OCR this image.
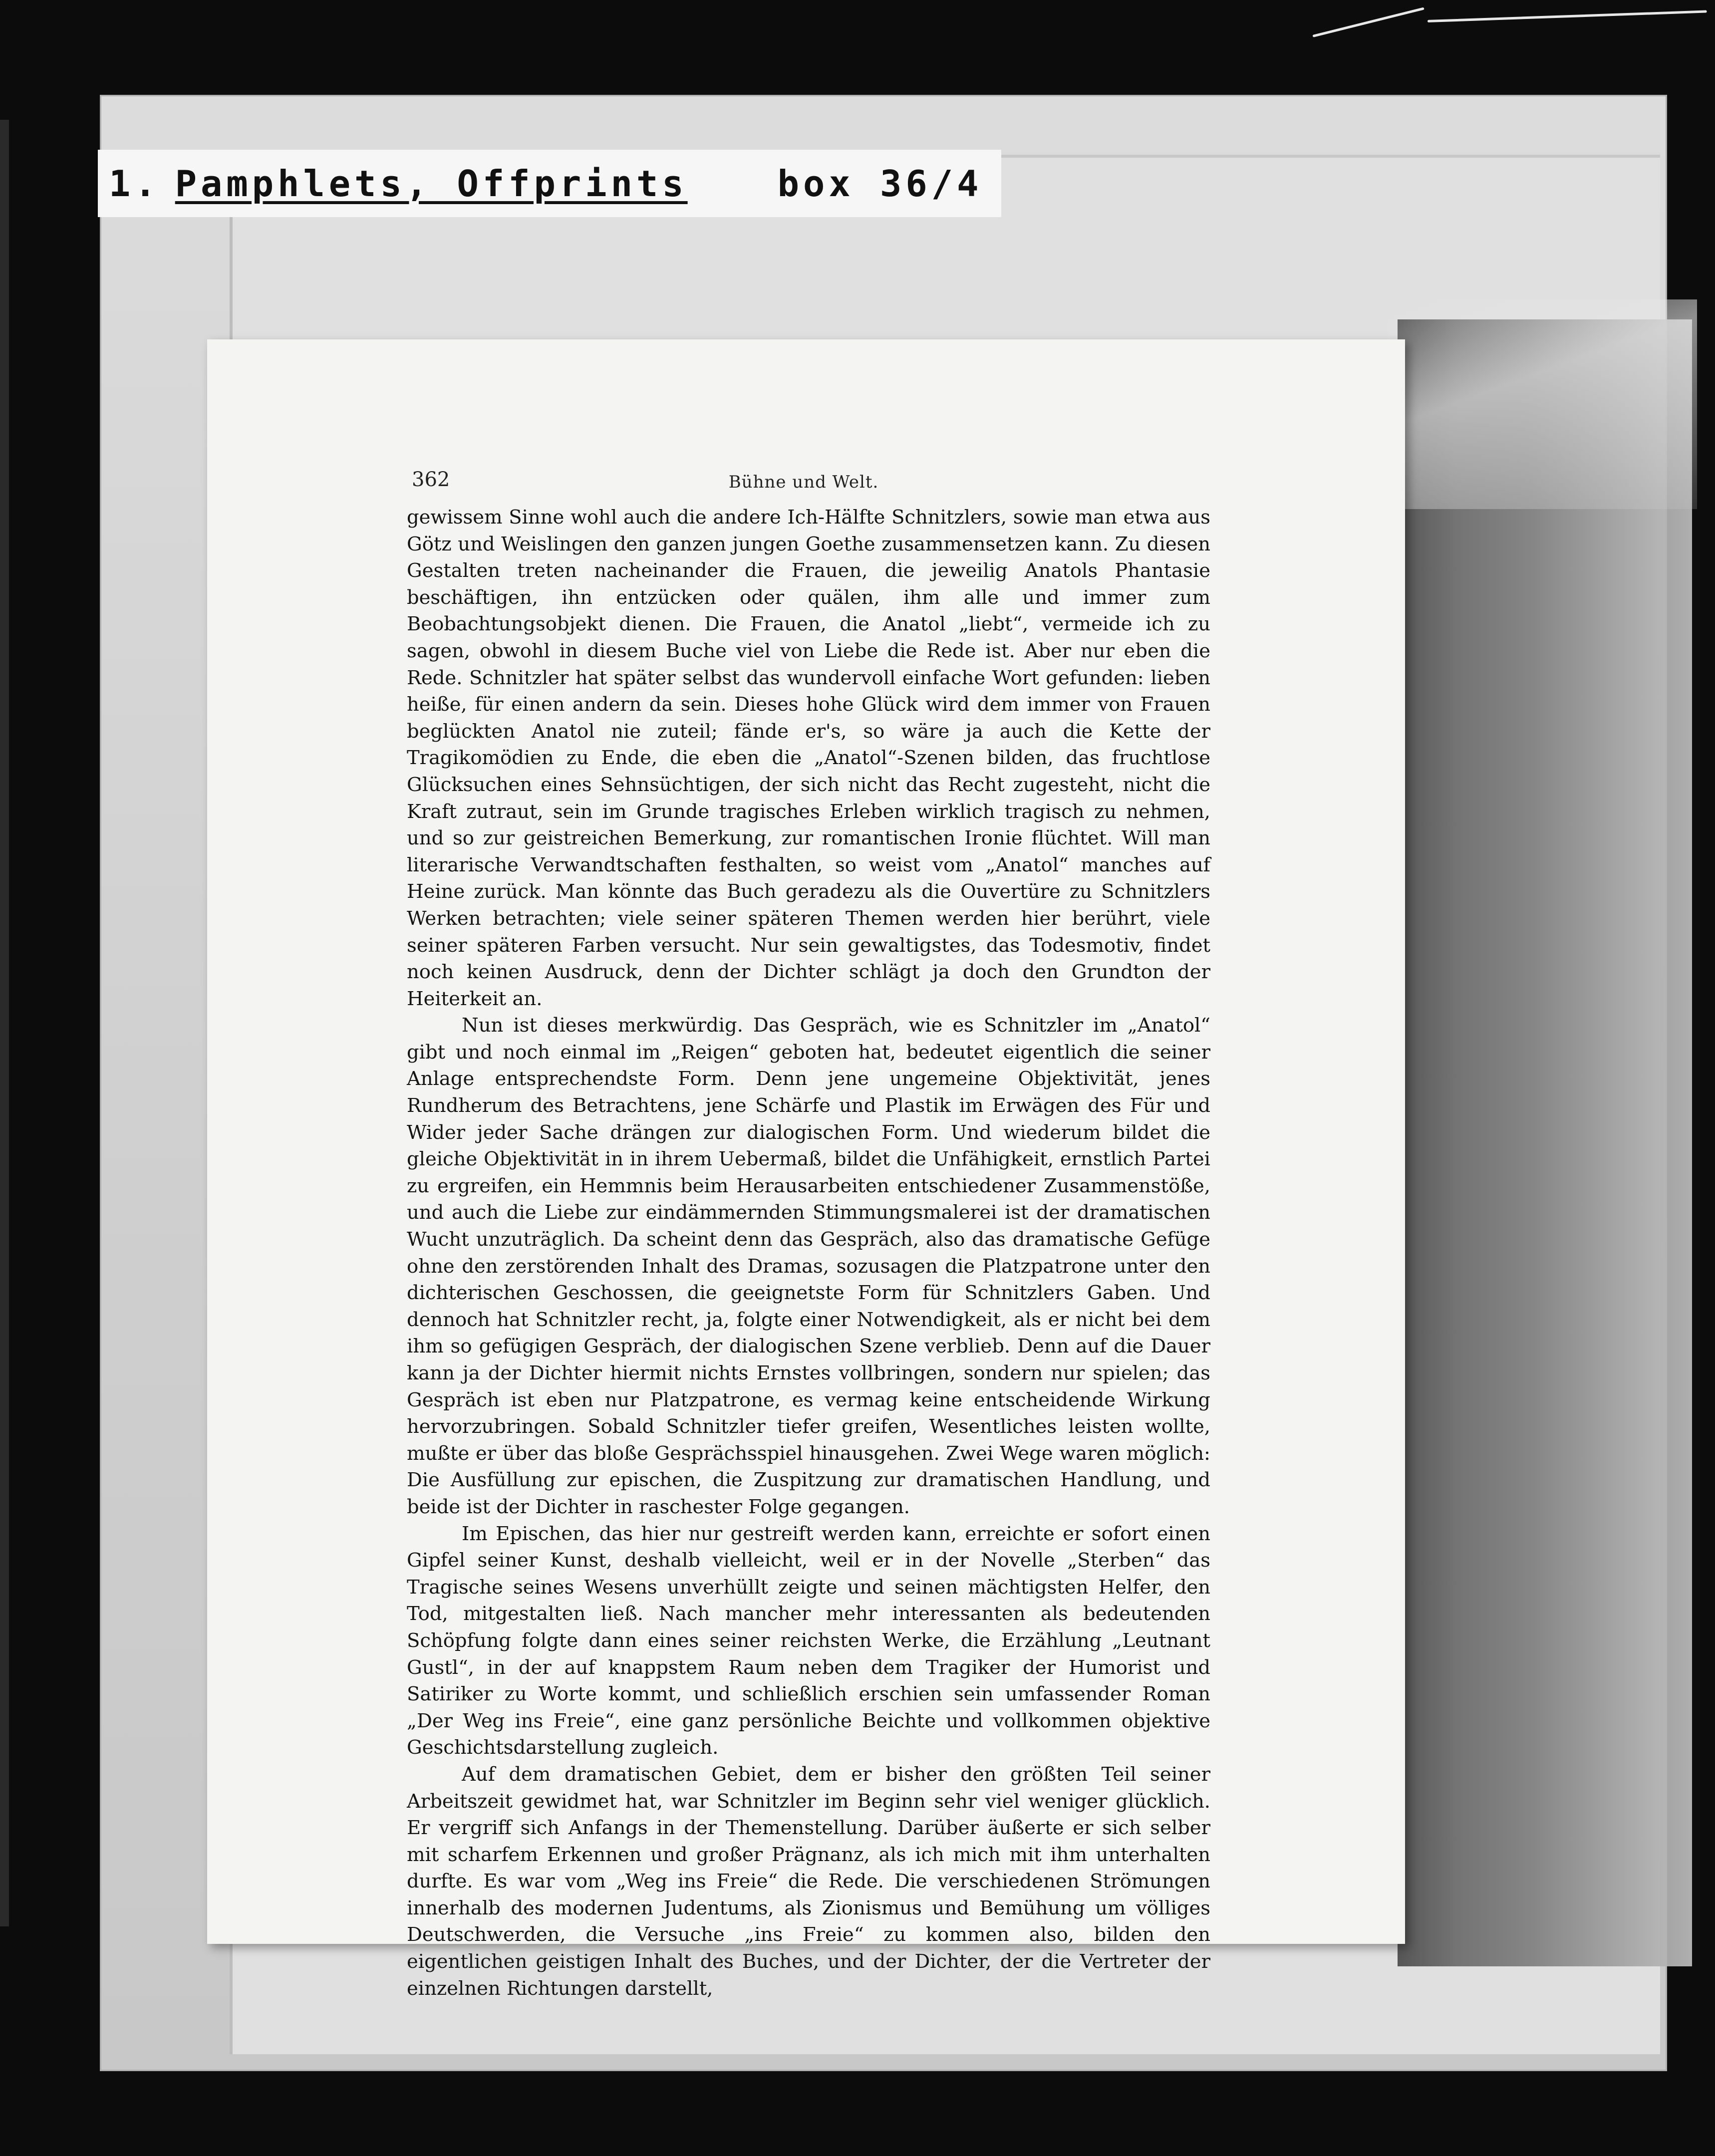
1. Pamphlets, Offprints	box 36/4
362	Bühne und Welt.

gewissem Sinne wohl auch die andere Ich-Hälfte Schnitzlers, sowie man etwa aus Götz und Weislingen den ganzen jungen Goethe zusammensetzen kann. Zu diesen Gestalten treten nacheinander die Frauen, die jeweilig Anatols Phantasie beschäftigen, ihn entzücken oder quälen, ihm alle und immer zum Beobachtungsobjekt dienen. Die Frauen, die Anatol „liebt“, vermeide ich zu sagen, obwohl in diesem Buche viel von Liebe die Rede ist. Aber nur eben die Rede. Schnitzler hat später selbst das wundervoll einfache Wort gefunden: lieben heiße, für einen andern da sein. Dieses hohe Glück wird dem immer von Frauen beglückten Anatol nie zuteil; fände er's, so wäre ja auch die Kette der Tragikomödien zu Ende, die eben die „Anatol“-Szenen bilden, das fruchtlose Glücksuchen eines Sehnsüchtigen, der sich nicht das Recht zugesteht, nicht die Kraft zutraut, sein im Grunde tragisches Erleben wirklich tragisch zu nehmen, und so zur geistreichen Bemerkung, zur romantischen Ironie flüchtet. Will man literarische Verwandtschaften festhalten, so weist vom „Anatol“ manches auf Heine zurück. Man könnte das Buch geradezu als die Ouvertüre zu Schnitzlers Werken betrachten; viele seiner späteren Themen werden hier berührt, viele seiner späteren Farben versucht. Nur sein gewaltigstes, das Todesmotiv, findet noch keinen Ausdruck, denn der Dichter schlägt ja doch den Grundton der Heiterkeit an.

Nun ist dieses merkwürdig. Das Gespräch, wie es Schnitzler im „Anatol“ gibt und noch einmal im „Reigen“ geboten hat, bedeutet eigentlich die seiner Anlage entsprechendste Form. Denn jene ungemeine Objektivität, jenes Rundherum des Betrachtens, jene Schärfe und Plastik im Erwägen des Für und Wider jeder Sache drängen zur dialogischen Form. Und wiederum bildet die gleiche Objektivität in in ihrem Uebermaß, bildet die Unfähigkeit, ernstlich Partei zu ergreifen, ein Hemmnis beim Herausarbeiten entschiedener Zusammenstöße, und auch die Liebe zur eindämmernden Stimmungsmalerei ist der dramatischen Wucht unzuträglich. Da scheint denn das Gespräch, also das dramatische Gefüge ohne den zerstörenden Inhalt des Dramas, sozusagen die Platzpatrone unter den dichterischen Geschossen, die geeignetste Form für Schnitzlers Gaben. Und dennoch hat Schnitzler recht, ja, folgte einer Notwendigkeit, als er nicht bei dem ihm so gefügigen Gespräch, der dialogischen Szene verblieb. Denn auf die Dauer kann ja der Dichter hiermit nichts Ernstes vollbringen, sondern nur spielen; das Gespräch ist eben nur Platzpatrone, es vermag keine entscheidende Wirkung hervorzubringen. Sobald Schnitzler tiefer greifen, Wesentliches leisten wollte, mußte er über das bloße Gesprächsspiel hinausgehen. Zwei Wege waren möglich: Die Ausfüllung zur epischen, die Zuspitzung zur dramatischen Handlung, und beide ist der Dichter in raschester Folge gegangen.

Im Epischen, das hier nur gestreift werden kann, erreichte er sofort einen Gipfel seiner Kunst, deshalb vielleicht, weil er in der Novelle „Sterben“ das Tragische seines Wesens unverhüllt zeigte und seinen mächtigsten Helfer, den Tod, mitgestalten ließ. Nach mancher mehr interessanten als bedeutenden Schöpfung folgte dann eines seiner reichsten Werke, die Erzählung „Leutnant Gustl“, in der auf knappstem Raum neben dem Tragiker der Humorist und Satiriker zu Worte kommt, und schließlich erschien sein umfassender Roman „Der Weg ins Freie“, eine ganz persönliche Beichte und vollkommen objektive Geschichtsdarstellung zugleich.

Auf dem dramatischen Gebiet, dem er bisher den größten Teil seiner Arbeitszeit gewidmet hat, war Schnitzler im Beginn sehr viel weniger glücklich. Er vergriff sich Anfangs in der Themenstellung. Darüber äußerte er sich selber mit scharfem Erkennen und großer Prägnanz, als ich mich mit ihm unterhalten durfte. Es war vom „Weg ins Freie“ die Rede. Die verschiedenen Strömungen innerhalb des modernen Judentums, als Zionismus und Bemühung um völliges Deutschwerden, die Versuche „ins Freie“ zu kommen also, bilden den eigentlichen geistigen Inhalt des Buches, und der Dichter, der die Vertreter der einzelnen Richtungen darstellt,
